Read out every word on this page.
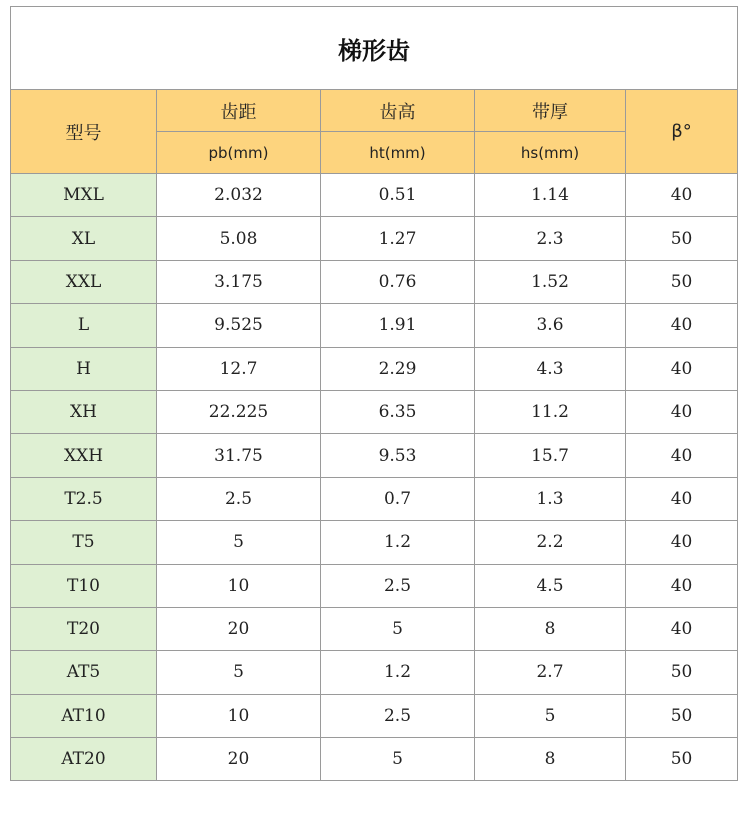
梯形齿				
型号	齿距	齿高	带厚	β°
	pb(mm)	ht(mm)	hs(mm)	
MXL	2.032	0.51	1.14	40
XL	5.08	1.27	2.3	50
XXL	3.175	0.76	1.52	50
L	9.525	1.91	3.6	40
H	12.7	2.29	4.3	40
XH	22.225	6.35	11.2	40
XXH	31.75	9.53	15.7	40
T2.5	2.5	0.7	1.3	40
T5	5	1.2	2.2	40
T10	10	2.5	4.5	40
T20	20	5	8	40
AT5	5	1.2	2.7	50
AT10	10	2.5	5	50
AT20	20	5	8	50
